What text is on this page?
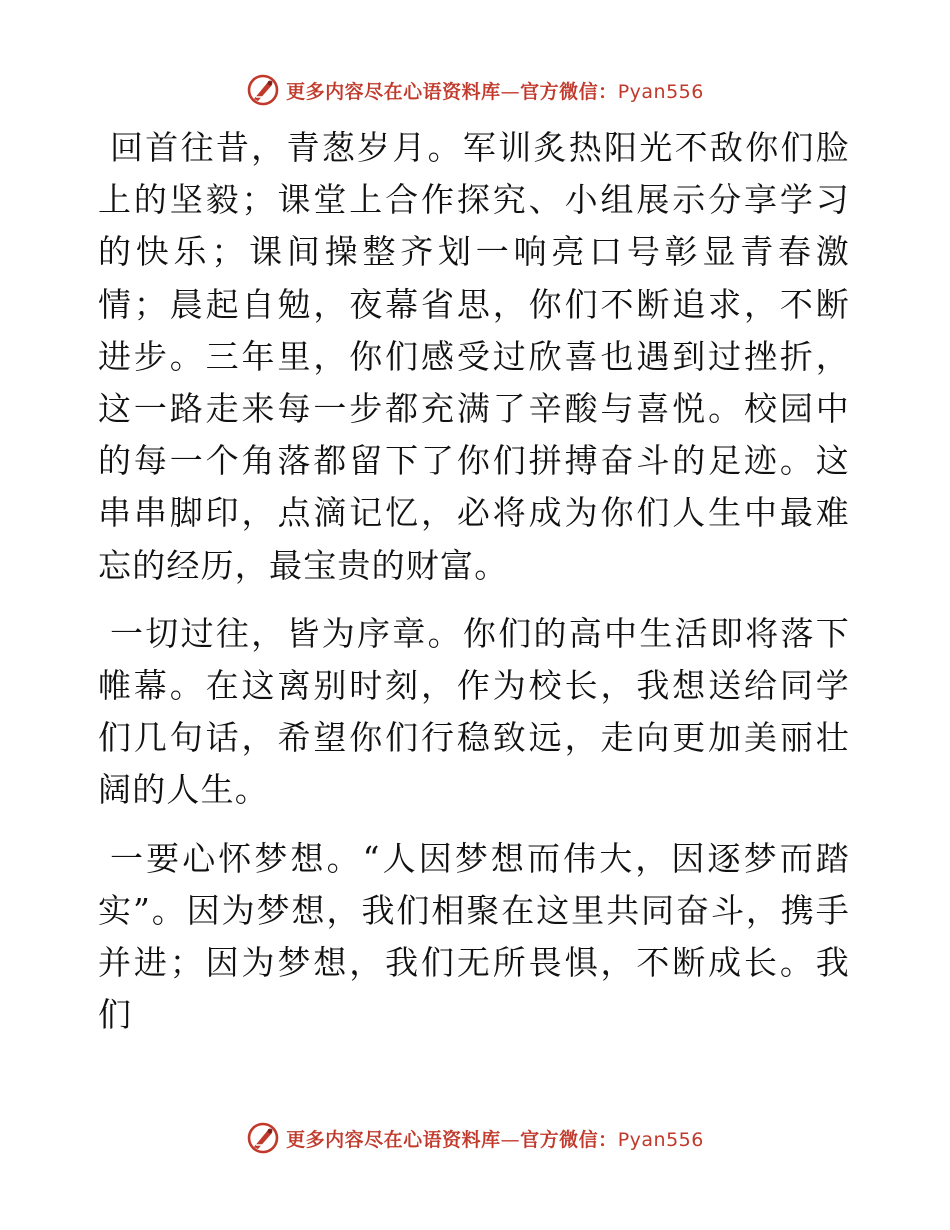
更多内容尽在心语资料库—官方微信：Pyan556

回首往昔，青葱岁月。军训炙热阳光不敌你们脸上的坚毅；课堂上合作探究、小组展示分享学习的快乐；课间操整齐划一响亮口号彰显青春激情；晨起自勉，夜幕省思，你们不断追求，不断进步。三年里，你们感受过欣喜也遇到过挫折，这一路走来每一步都充满了辛酸与喜悦。校园中的每一个角落都留下了你们拼搏奋斗的足迹。这串串脚印，点滴记忆，必将成为你们人生中最难忘的经历，最宝贵的财富。

一切过往，皆为序章。你们的高中生活即将落下帷幕。在这离别时刻，作为校长，我想送给同学们几句话，希望你们行稳致远，走向更加美丽壮阔的人生。

一要心怀梦想。“人因梦想而伟大，因逐梦而踏实”。因为梦想，我们相聚在这里共同奋斗，携手并进；因为梦想，我们无所畏惧，不断成长。我们

更多内容尽在心语资料库—官方微信：Pyan556
